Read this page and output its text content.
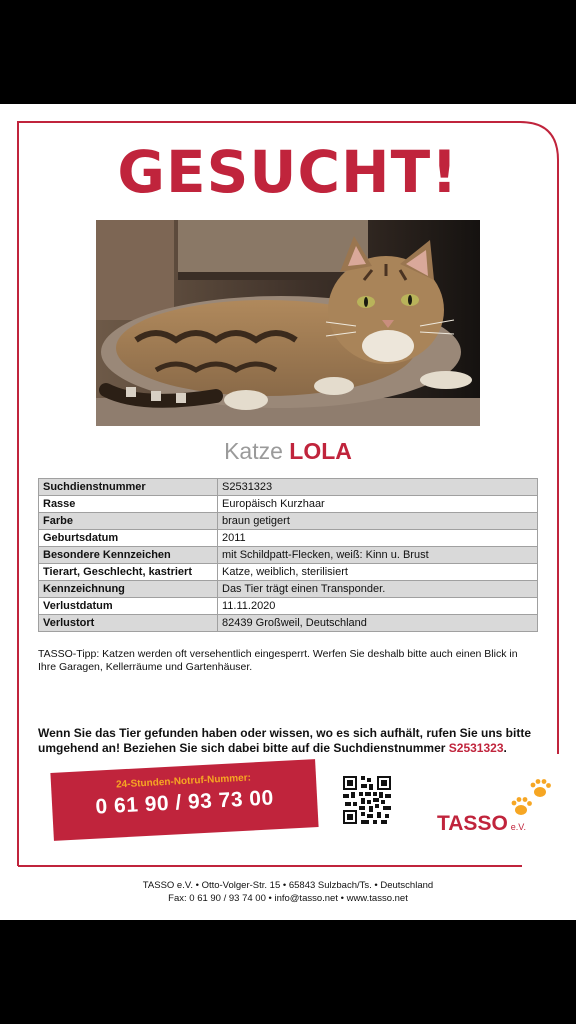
GESUCHT!
Katze LOLA
Suchdienstnummer	S2531323
Rasse	Europäisch Kurzhaar
Farbe	braun getigert
Geburtsdatum	2011
Besondere Kennzeichen	mit Schildpatt-Flecken, weiß: Kinn u. Brust
Tierart, Geschlecht, kastriert	Katze, weiblich, sterilisiert
Kennzeichnung	Das Tier trägt einen Transponder.
Verlustdatum	11.11.2020
Verlustort	82439 Großweil, Deutschland

TASSO-Tipp: Katzen werden oft versehentlich eingesperrt. Werfen Sie deshalb bitte auch einen Blick in
Ihre Garagen, Kellerräume und Gartenhäuser.

Wenn Sie das Tier gefunden haben oder wissen, wo es sich aufhält, rufen Sie uns bitte
umgehend an! Beziehen Sie sich dabei bitte auf die Suchdienstnummer S2531323.

24-Stunden-Notruf-Nummer:
0 61 90 / 93 73 00
TASSO e.V.
TASSO e.V. • Otto-Volger-Str. 15 • 65843 Sulzbach/Ts. • Deutschland
Fax: 0 61 90 / 93 74 00 • info@tasso.net • www.tasso.net
